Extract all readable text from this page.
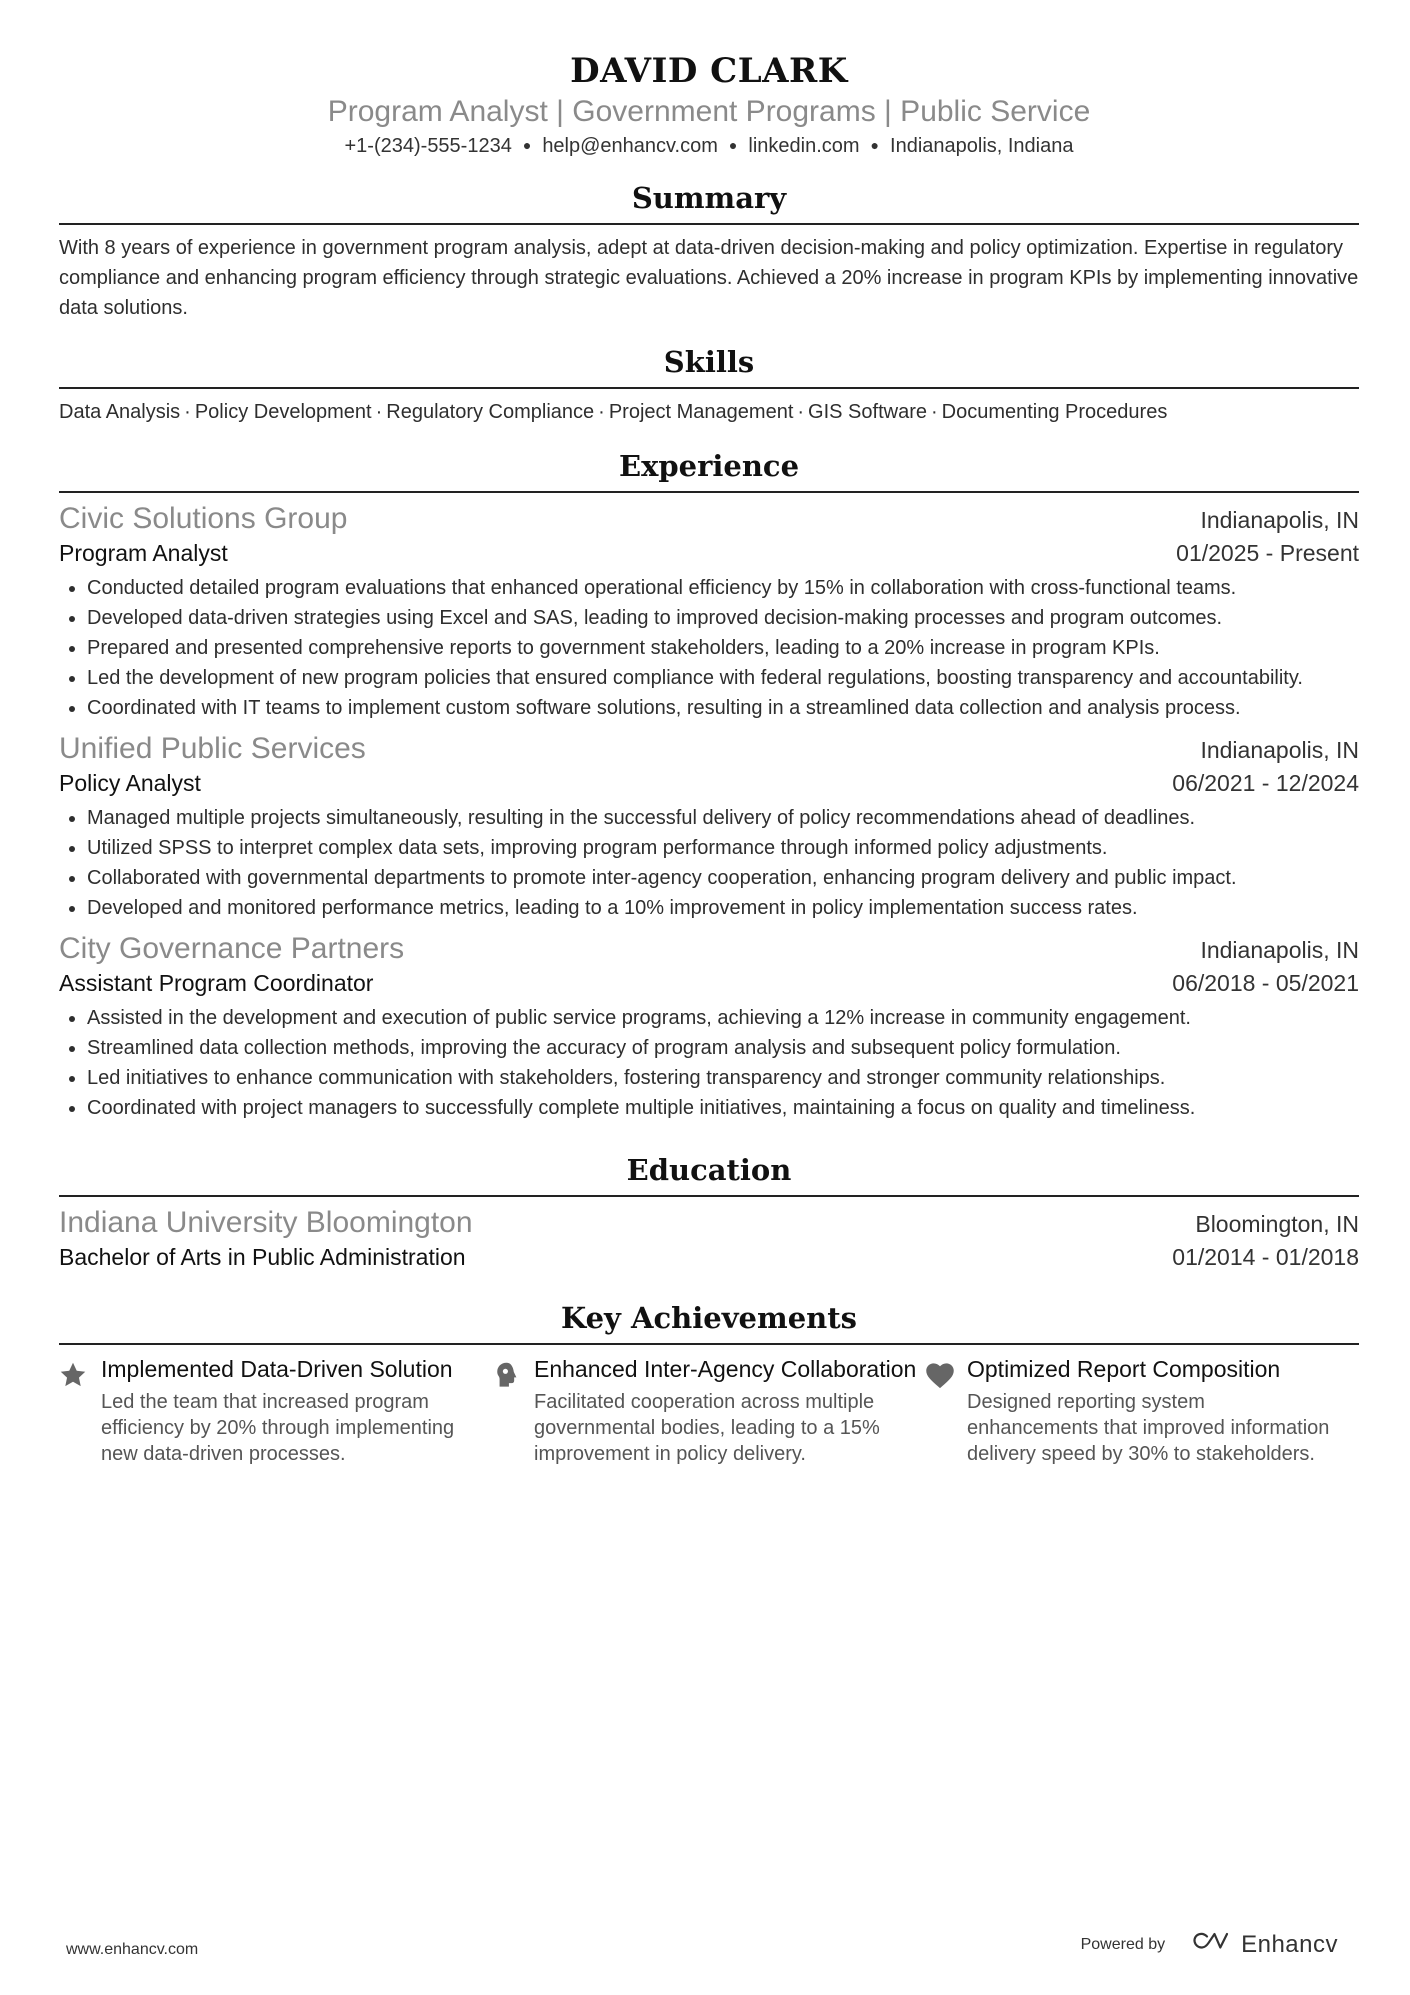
DAVID CLARK
Program Analyst | Government Programs | Public Service
+1-(234)-555-1234 ● help@enhancv.com ● linkedin.com ● Indianapolis, Indiana
Summary
With 8 years of experience in government program analysis, adept at data-driven decision-making and policy optimization. Expertise in regulatory compliance and enhancing program efficiency through strategic evaluations. Achieved a 20% increase in program KPIs by implementing innovative data solutions.
Skills
Data Analysis · Policy Development · Regulatory Compliance · Project Management · GIS Software · Documenting Procedures
Experience
Civic Solutions Group	Indianapolis, IN
Program Analyst	01/2025 - Present
• Conducted detailed program evaluations that enhanced operational efficiency by 15% in collaboration with cross-functional teams.
• Developed data-driven strategies using Excel and SAS, leading to improved decision-making processes and program outcomes.
• Prepared and presented comprehensive reports to government stakeholders, leading to a 20% increase in program KPIs.
• Led the development of new program policies that ensured compliance with federal regulations, boosting transparency and accountability.
• Coordinated with IT teams to implement custom software solutions, resulting in a streamlined data collection and analysis process.
Unified Public Services	Indianapolis, IN
Policy Analyst	06/2021 - 12/2024
• Managed multiple projects simultaneously, resulting in the successful delivery of policy recommendations ahead of deadlines.
• Utilized SPSS to interpret complex data sets, improving program performance through informed policy adjustments.
• Collaborated with governmental departments to promote inter-agency cooperation, enhancing program delivery and public impact.
• Developed and monitored performance metrics, leading to a 10% improvement in policy implementation success rates.
City Governance Partners	Indianapolis, IN
Assistant Program Coordinator	06/2018 - 05/2021
• Assisted in the development and execution of public service programs, achieving a 12% increase in community engagement.
• Streamlined data collection methods, improving the accuracy of program analysis and subsequent policy formulation.
• Led initiatives to enhance communication with stakeholders, fostering transparency and stronger community relationships.
• Coordinated with project managers to successfully complete multiple initiatives, maintaining a focus on quality and timeliness.
Education
Indiana University Bloomington	Bloomington, IN
Bachelor of Arts in Public Administration	01/2014 - 01/2018
Key Achievements
Implemented Data-Driven Solution
Led the team that increased program efficiency by 20% through implementing new data-driven processes.
Enhanced Inter-Agency Collaboration
Facilitated cooperation across multiple governmental bodies, leading to a 15% improvement in policy delivery.
Optimized Report Composition
Designed reporting system enhancements that improved information delivery speed by 30% to stakeholders.
www.enhancv.com	Powered by	Enhancv
